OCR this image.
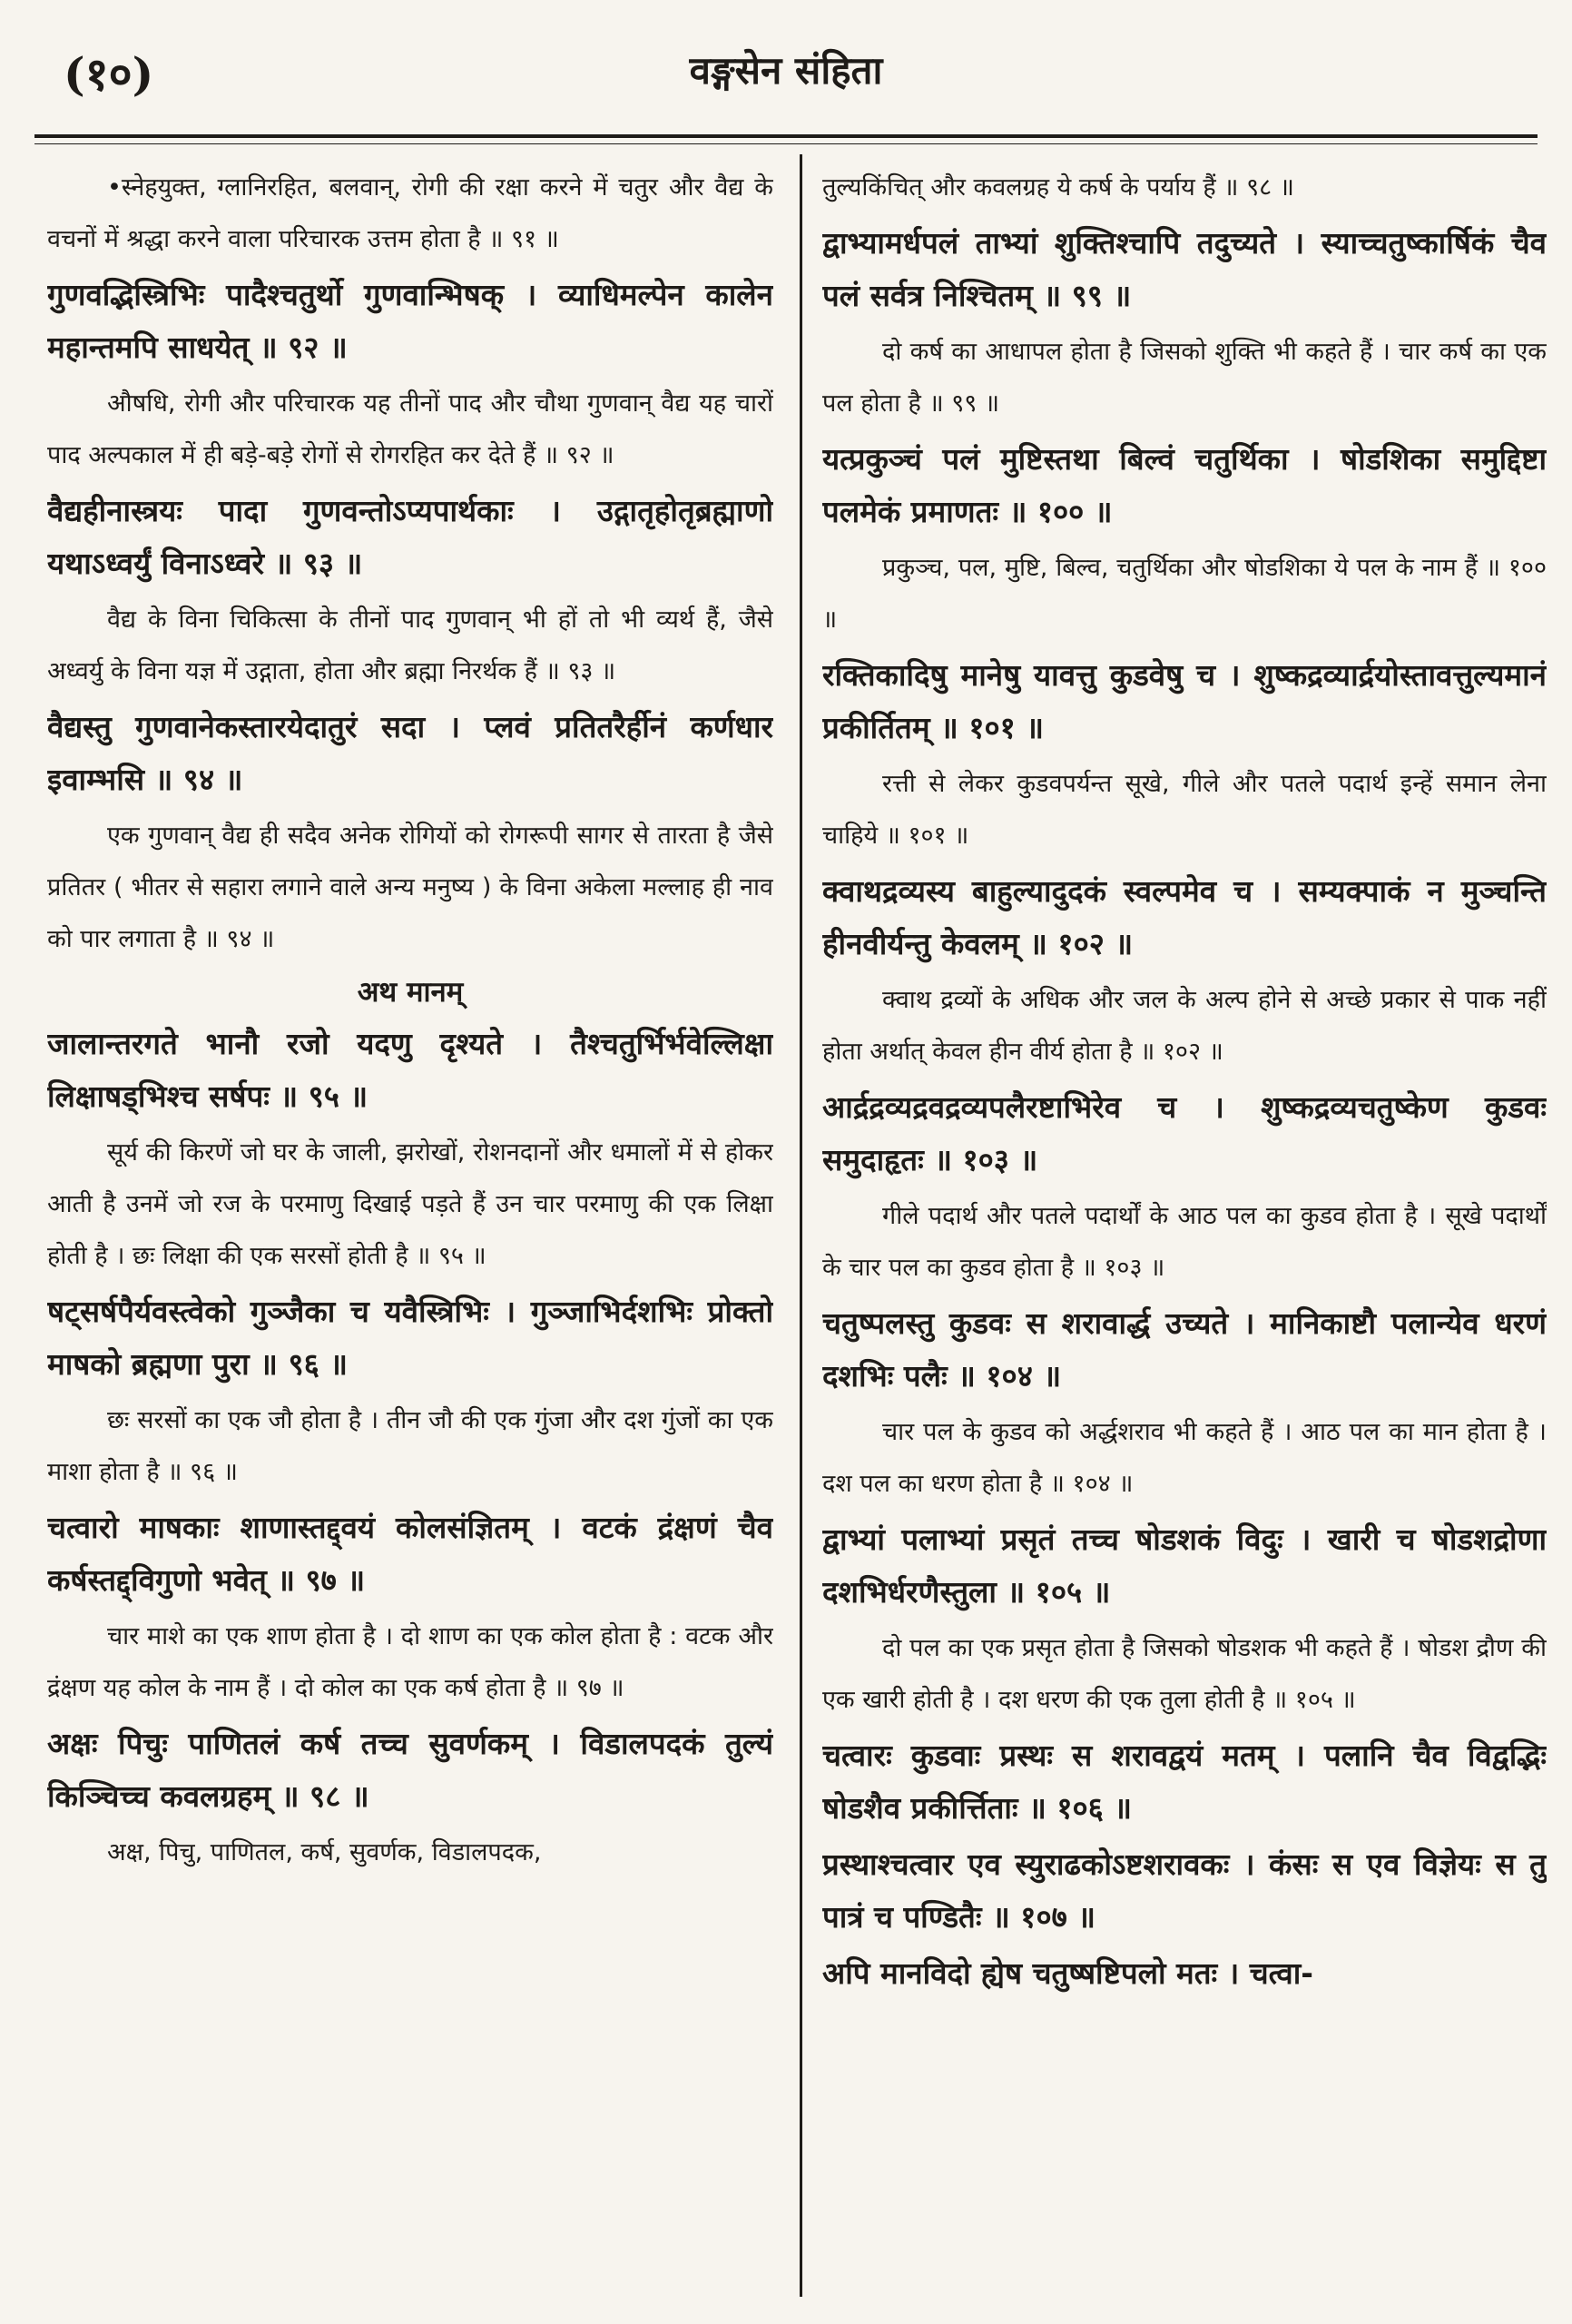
(१०)	वङ्गसेन संहिता

•स्नेहयुक्त, ग्लानिरहित, बलवान्, रोगी की रक्षा करने में चतुर और वैद्य के वचनों में श्रद्धा करने वाला परिचारक उत्तम होता है ॥ ९१ ॥

गुणवद्भिस्त्रिभिः पादैश्चतुर्थो गुणवान्भिषक् । व्याधिमल्पेन कालेन महान्तमपि साधयेत् ॥ ९२ ॥

औषधि, रोगी और परिचारक यह तीनों पाद और चौथा गुणवान् वैद्य यह चारों पाद अल्पकाल में ही बड़े-बड़े रोगों से रोगरहित कर देते हैं ॥ ९२ ॥

वैद्यहीनास्त्रयः पादा गुणवन्तोऽप्यपार्थकाः । उद्गातृहोतृब्रह्माणो यथाऽध्वर्युं विनाऽध्वरे ॥ ९३ ॥

वैद्य के विना चिकित्सा के तीनों पाद गुणवान् भी हों तो भी व्यर्थ हैं, जैसे अध्वर्यु के विना यज्ञ में उद्गाता, होता और ब्रह्मा निरर्थक हैं ॥ ९३ ॥

वैद्यस्तु गुणवानेकस्तारयेदातुरं सदा । प्लवं प्रतितरैर्हीनं कर्णधार इवाम्भसि ॥ ९४ ॥

एक गुणवान् वैद्य ही सदैव अनेक रोगियों को रोगरूपी सागर से तारता है जैसे प्रतितर ( भीतर से सहारा लगाने वाले अन्य मनुष्य ) के विना अकेला मल्लाह ही नाव को पार लगाता है ॥ ९४ ॥

अथ मानम्

जालान्तरगते भानौ रजो यदणु दृश्यते । तैश्चतुर्भिर्भवेल्लिक्षा लिक्षाषड्भिश्च सर्षपः ॥ ९५ ॥

सूर्य की किरणें जो घर के जाली, झरोखों, रोशनदानों और धमालों में से होकर आती है उनमें जो रज के परमाणु दिखाई पड़ते हैं उन चार परमाणु की एक लिक्षा होती है । छः लिक्षा की एक सरसों होती है ॥ ९५ ॥

षट्सर्षपैर्यवस्त्वेको गुञ्जैका च यवैस्त्रिभिः । गुञ्जाभिर्दशभिः प्रोक्तो माषको ब्रह्मणा पुरा ॥ ९६ ॥

छः सरसों का एक जौ होता है । तीन जौ की एक गुंजा और दश गुंजों का एक माशा होता है ॥ ९६ ॥

चत्वारो माषकाः शाणास्तद्द्वयं कोलसंज्ञितम् । वटकं द्रंक्षणं चैव कर्षस्तद्द्विगुणो भवेत् ॥ ९७ ॥

चार माशे का एक शाण होता है । दो शाण का एक कोल होता है : वटक और द्रंक्षण यह कोल के नाम हैं । दो कोल का एक कर्ष होता है ॥ ९७ ॥

अक्षः पिचुः पाणितलं कर्ष तच्च सुवर्णकम् । विडालपदकं तुल्यं किञ्चिच्च कवलग्रहम् ॥ ९८ ॥

अक्ष, पिचु, पाणितल, कर्ष, सुवर्णक, विडालपदक,

तुल्यकिंचित् और कवलग्रह ये कर्ष के पर्याय हैं ॥ ९८ ॥

द्वाभ्यामर्धपलं ताभ्यां शुक्तिश्चापि तदुच्यते । स्याच्चतुष्कार्षिकं चैव पलं सर्वत्र निश्चितम् ॥ ९९ ॥

दो कर्ष का आधापल होता है जिसको शुक्ति भी कहते हैं । चार कर्ष का एक पल होता है ॥ ९९ ॥

यत्प्रकुञ्चं पलं मुष्टिस्तथा बिल्वं चतुर्थिका । षोडशिका समुद्दिष्टा पलमेकं प्रमाणतः ॥ १०० ॥

प्रकुञ्च, पल, मुष्टि, बिल्व, चतुर्थिका और षोडशिका ये पल के नाम हैं ॥ १०० ॥

रक्तिकादिषु मानेषु यावत्तु कुडवेषु च । शुष्कद्रव्यार्द्रयोस्तावत्तुल्यमानं प्रकीर्तितम् ॥ १०१ ॥

रत्ती से लेकर कुडवपर्यन्त सूखे, गीले और पतले पदार्थ इन्हें समान लेना चाहिये ॥ १०१ ॥

क्वाथद्रव्यस्य बाहुल्यादुदकं स्वल्पमेव च । सम्यक्पाकं न मुञ्चन्ति हीनवीर्यन्तु केवलम् ॥ १०२ ॥

क्वाथ द्रव्यों के अधिक और जल के अल्प होने से अच्छे प्रकार से पाक नहीं होता अर्थात् केवल हीन वीर्य होता है ॥ १०२ ॥

आर्द्रद्रव्यद्रवद्रव्यपलैरष्टाभिरेव च । शुष्कद्रव्यचतुष्केण कुडवः समुदाहृतः ॥ १०३ ॥

गीले पदार्थ और पतले पदार्थों के आठ पल का कुडव होता है । सूखे पदार्थों के चार पल का कुडव होता है ॥ १०३ ॥

चतुष्पलस्तु कुडवः स शरावार्द्ध उच्यते । मानिकाष्टौ पलान्येव धरणं दशभिः पलैः ॥ १०४ ॥

चार पल के कुडव को अर्द्धशराव भी कहते हैं । आठ पल का मान होता है । दश पल का धरण होता है ॥ १०४ ॥

द्वाभ्यां पलाभ्यां प्रसृतं तच्च षोडशकं विदुः । खारी च षोडशद्रोणा दशभिर्धरणैस्तुला ॥ १०५ ॥

दो पल का एक प्रसृत होता है जिसको षोडशक भी कहते हैं । षोडश द्रौण की एक खारी होती है । दश धरण की एक तुला होती है ॥ १०५ ॥

चत्वारः कुडवाः प्रस्थः स शरावद्वयं मतम् । पलानि चैव विद्वद्भिः षोडशैव प्रकीर्त्तिताः ॥ १०६ ॥

प्रस्थाश्चत्वार एव स्युराढकोऽष्टशरावकः । कंसः स एव विज्ञेयः स तु पात्रं च पण्डितैः ॥ १०७ ॥

अपि मानविदो ह्येष चतुष्षष्टिपलो मतः । चत्वा-
